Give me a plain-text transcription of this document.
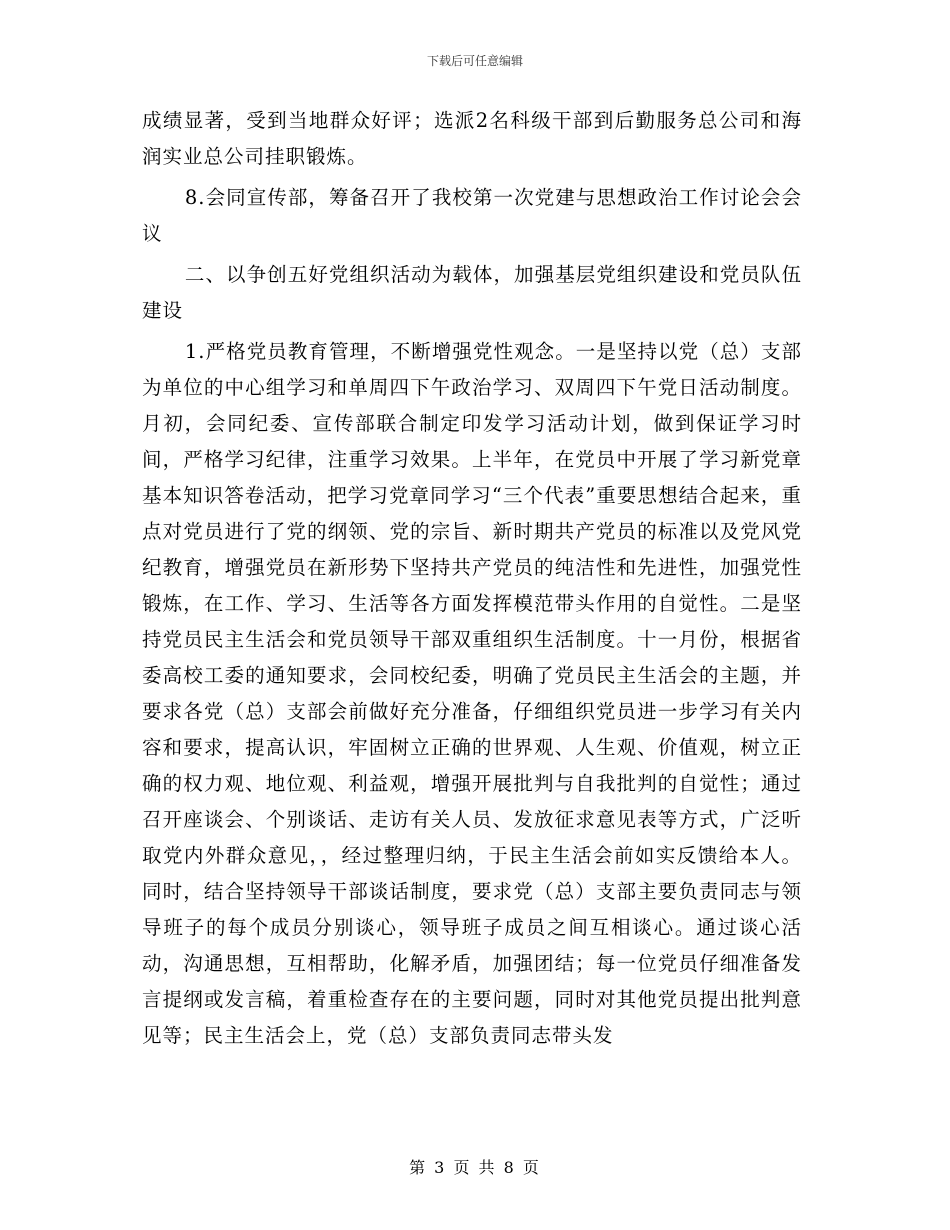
下载后可任意编辑

成绩显著，受到当地群众好评；选派2名科级干部到后勤服务总公司和海润实业总公司挂职锻炼。

8.会同宣传部，筹备召开了我校第一次党建与思想政治工作讨论会会议

二、以争创五好党组织活动为载体，加强基层党组织建设和党员队伍建设

1.严格党员教育管理，不断增强党性观念。一是坚持以党（总）支部为单位的中心组学习和单周四下午政治学习、双周四下午党日活动制度。月初，会同纪委、宣传部联合制定印发学习活动计划，做到保证学习时间，严格学习纪律，注重学习效果。上半年，在党员中开展了学习新党章基本知识答卷活动，把学习党章同学习“三个代表”重要思想结合起来，重点对党员进行了党的纲领、党的宗旨、新时期共产党员的标准以及党风党纪教育，增强党员在新形势下坚持共产党员的纯洁性和先进性，加强党性锻炼，在工作、学习、生活等各方面发挥模范带头作用的自觉性。二是坚持党员民主生活会和党员领导干部双重组织生活制度。十一月份，根据省委高校工委的通知要求，会同校纪委，明确了党员民主生活会的主题，并要求各党（总）支部会前做好充分准备，仔细组织党员进一步学习有关内容和要求，提高认识，牢固树立正确的世界观、人生观、价值观，树立正确的权力观、地位观、利益观，增强开展批判与自我批判的自觉性；通过召开座谈会、个别谈话、走访有关人员、发放征求意见表等方式，广泛听取党内外群众意见，，经过整理归纳，于民主生活会前如实反馈给本人。同时，结合坚持领导干部谈话制度，要求党（总）支部主要负责同志与领导班子的每个成员分别谈心，领导班子成员之间互相谈心。通过谈心活动，沟通思想，互相帮助，化解矛盾，加强团结；每一位党员仔细准备发言提纲或发言稿，着重检查存在的主要问题，同时对其他党员提出批判意见等；民主生活会上，党（总）支部负责同志带头发

第 3 页 共 8 页
